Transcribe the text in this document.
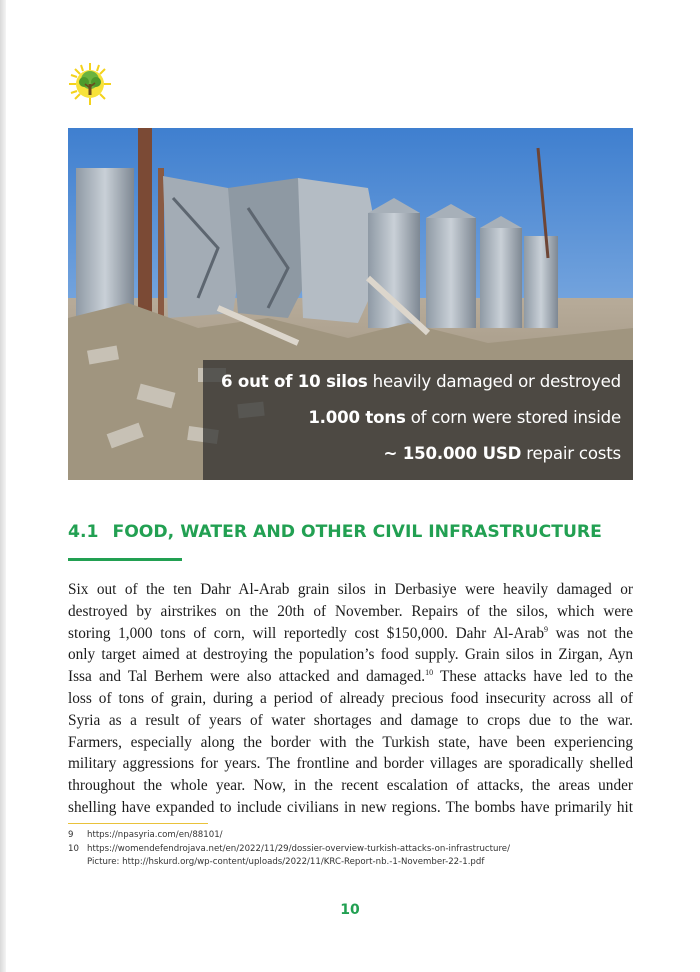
6 out of 10 silos heavily damaged or destroyed
1.000 tons of corn were stored inside
~ 150.000 USD repair costs
4.1 FOOD, WATER AND OTHER CIVIL INFRASTRUCTURE
Six out of the ten Dahr Al-Arab grain silos in Derbasiye were heavily damaged or
destroyed by airstrikes on the 20th of November. Repairs of the silos, which were
storing 1,000 tons of corn, will reportedly cost $150,000. Dahr Al-Arab$^9$ was not the
only target aimed at destroying the population’s food supply. Grain silos in Zirgan, Ayn
Issa and Tal Berhem were also attacked and damaged.$^{10}$ These attacks have led to the
loss of tons of grain, during a period of already precious food insecurity across all of
Syria as a result of years of water shortages and damage to crops due to the war.
Farmers, especially along the border with the Turkish state, have been experiencing
military aggressions for years. The frontline and border villages are sporadically shelled
throughout the whole year. Now, in the recent escalation of attacks, the areas under
shelling have expanded to include civilians in new regions. The bombs have primarily hit
9 https://npasyria.com/en/88101/
10 https://womendefendrojava.net/en/2022/11/29/dossier-overview-turkish-attacks-on-infrastructure/
Picture: http://hskurd.org/wp-content/uploads/2022/11/KRC-Report-nb.-1-November-22-1.pdf
10
